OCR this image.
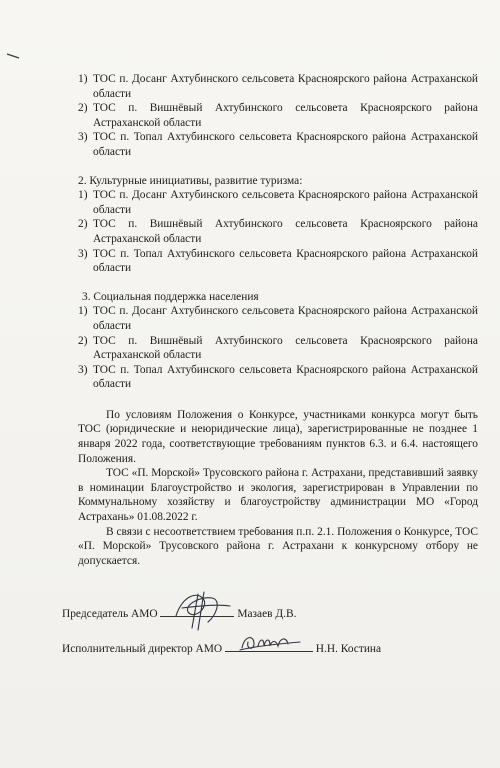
1) ТОС п. Досанг Ахтубинского сельсовета Красноярского района Астраханской области
2) ТОС п. Вишнёвый Ахтубинского сельсовета Красноярского района Астраханской области
3) ТОС п. Топал Ахтубинского сельсовета Красноярского района Астраханской области

2. Культурные инициативы, развитие туризма:

1) ТОС п. Досанг Ахтубинского сельсовета Красноярского района Астраханской области
2) ТОС п. Вишнёвый Ахтубинского сельсовета Красноярского района Астраханской области
3) ТОС п. Топал Ахтубинского сельсовета Красноярского района Астраханской области

3. Социальная поддержка населения

1) ТОС п. Досанг Ахтубинского сельсовета Красноярского района Астраханской области
2) ТОС п. Вишнёвый Ахтубинского сельсовета Красноярского района Астраханской области
3) ТОС п. Топал Ахтубинского сельсовета Красноярского района Астраханской области

По условиям Положения о Конкурсе, участниками конкурса могут быть ТОС (юридические и неюридические лица), зарегистрированные не позднее 1 января 2022 года, соответствующие требованиям пунктов 6.3. и 6.4. настоящего Положения.

ТОС «П. Морской» Трусовского района г. Астрахани, представивший заявку в номинации Благоустройство и экология, зарегистрирован в Управлении по Коммунальному хозяйству и благоустройству администрации МО «Город Астрахань» 01.08.2022 г.

В связи с несоответствием требования п.п. 2.1. Положения о Конкурсе, ТОС «П. Морской» Трусовского района г. Астрахани к конкурсному отбору не допускается.

Председатель АМО	Мазаев Д.В.
Исполнительный директор АМО	Н.Н. Костина
